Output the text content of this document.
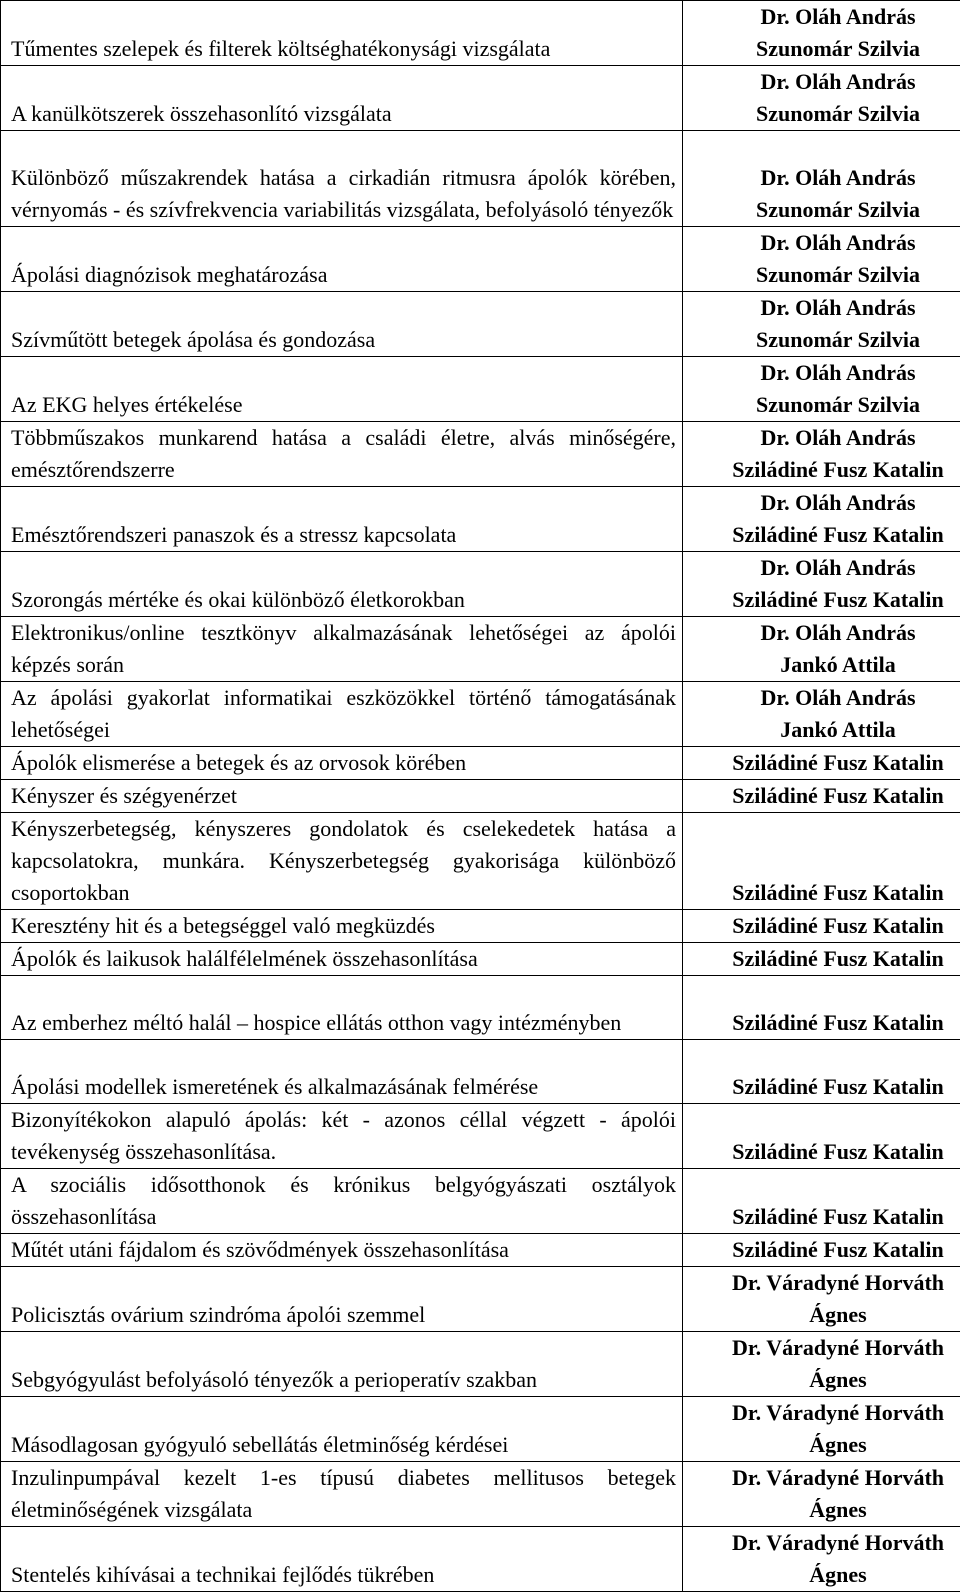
Tűmentes szelepek és filterek költséghatékonysági vizsgálata	Dr. Oláh András
Szunomár Szilvia

A kanülkötszerek összehasonlító vizsgálata	Dr. Oláh András
Szunomár Szilvia

Különböző műszakrendek hatása a cirkadián ritmusra ápolók körében, vérnyomás - és szívfrekvencia variabilitás vizsgálata, befolyásoló tényezők	Dr. Oláh András
Szunomár Szilvia

Ápolási diagnózisok meghatározása	Dr. Oláh András
Szunomár Szilvia

Szívműtött betegek ápolása és gondozása	Dr. Oláh András
Szunomár Szilvia

Az EKG helyes értékelése	Dr. Oláh András
Szunomár Szilvia

Többműszakos munkarend hatása a családi életre, alvás minőségére, emésztőrendszerre	Dr. Oláh András
Sziládiné Fusz Katalin

Emésztőrendszeri panaszok és a stressz kapcsolata	Dr. Oláh András
Sziládiné Fusz Katalin

Szorongás mértéke és okai különböző életkorokban	Dr. Oláh András
Sziládiné Fusz Katalin

Elektronikus/online tesztkönyv alkalmazásának lehetőségei az ápolói képzés során	Dr. Oláh András
Jankó Attila

Az ápolási gyakorlat informatikai eszközökkel történő támogatásának lehetőségei	Dr. Oláh András
Jankó Attila

Ápolók elismerése a betegek és az orvosok körében	Sziládiné Fusz Katalin

Kényszer és szégyenérzet	Sziládiné Fusz Katalin

Kényszerbetegség, kényszeres gondolatok és cselekedetek hatása a kapcsolatokra, munkára. Kényszerbetegség gyakorisága különböző csoportokban	Sziládiné Fusz Katalin

Keresztény hit és a betegséggel való megküzdés	Sziládiné Fusz Katalin

Ápolók és laikusok halálfélelmének összehasonlítása	Sziládiné Fusz Katalin

Az emberhez méltó halál – hospice ellátás otthon vagy intézményben	Sziládiné Fusz Katalin

Ápolási modellek ismeretének és alkalmazásának felmérése	Sziládiné Fusz Katalin

Bizonyítékokon alapuló ápolás: két - azonos céllal végzett - ápolói tevékenység összehasonlítása.	Sziládiné Fusz Katalin

A szociális idősotthonok és krónikus belgyógyászati osztályok összehasonlítása	Sziládiné Fusz Katalin

Műtét utáni fájdalom és szövődmények összehasonlítása	Sziládiné Fusz Katalin

Policisztás ovárium szindróma ápolói szemmel	Dr. Váradyné Horváth
Ágnes

Sebgyógyulást befolyásoló tényezők a perioperatív szakban	Dr. Váradyné Horváth
Ágnes

Másodlagosan gyógyuló sebellátás életminőség kérdései	Dr. Váradyné Horváth
Ágnes

Inzulinpumpával kezelt 1-es típusú diabetes mellitusos betegek életminőségének vizsgálata	Dr. Váradyné Horváth
Ágnes

Stentelés kihívásai a technikai fejlődés tükrében	Dr. Váradyné Horváth
Ágnes
